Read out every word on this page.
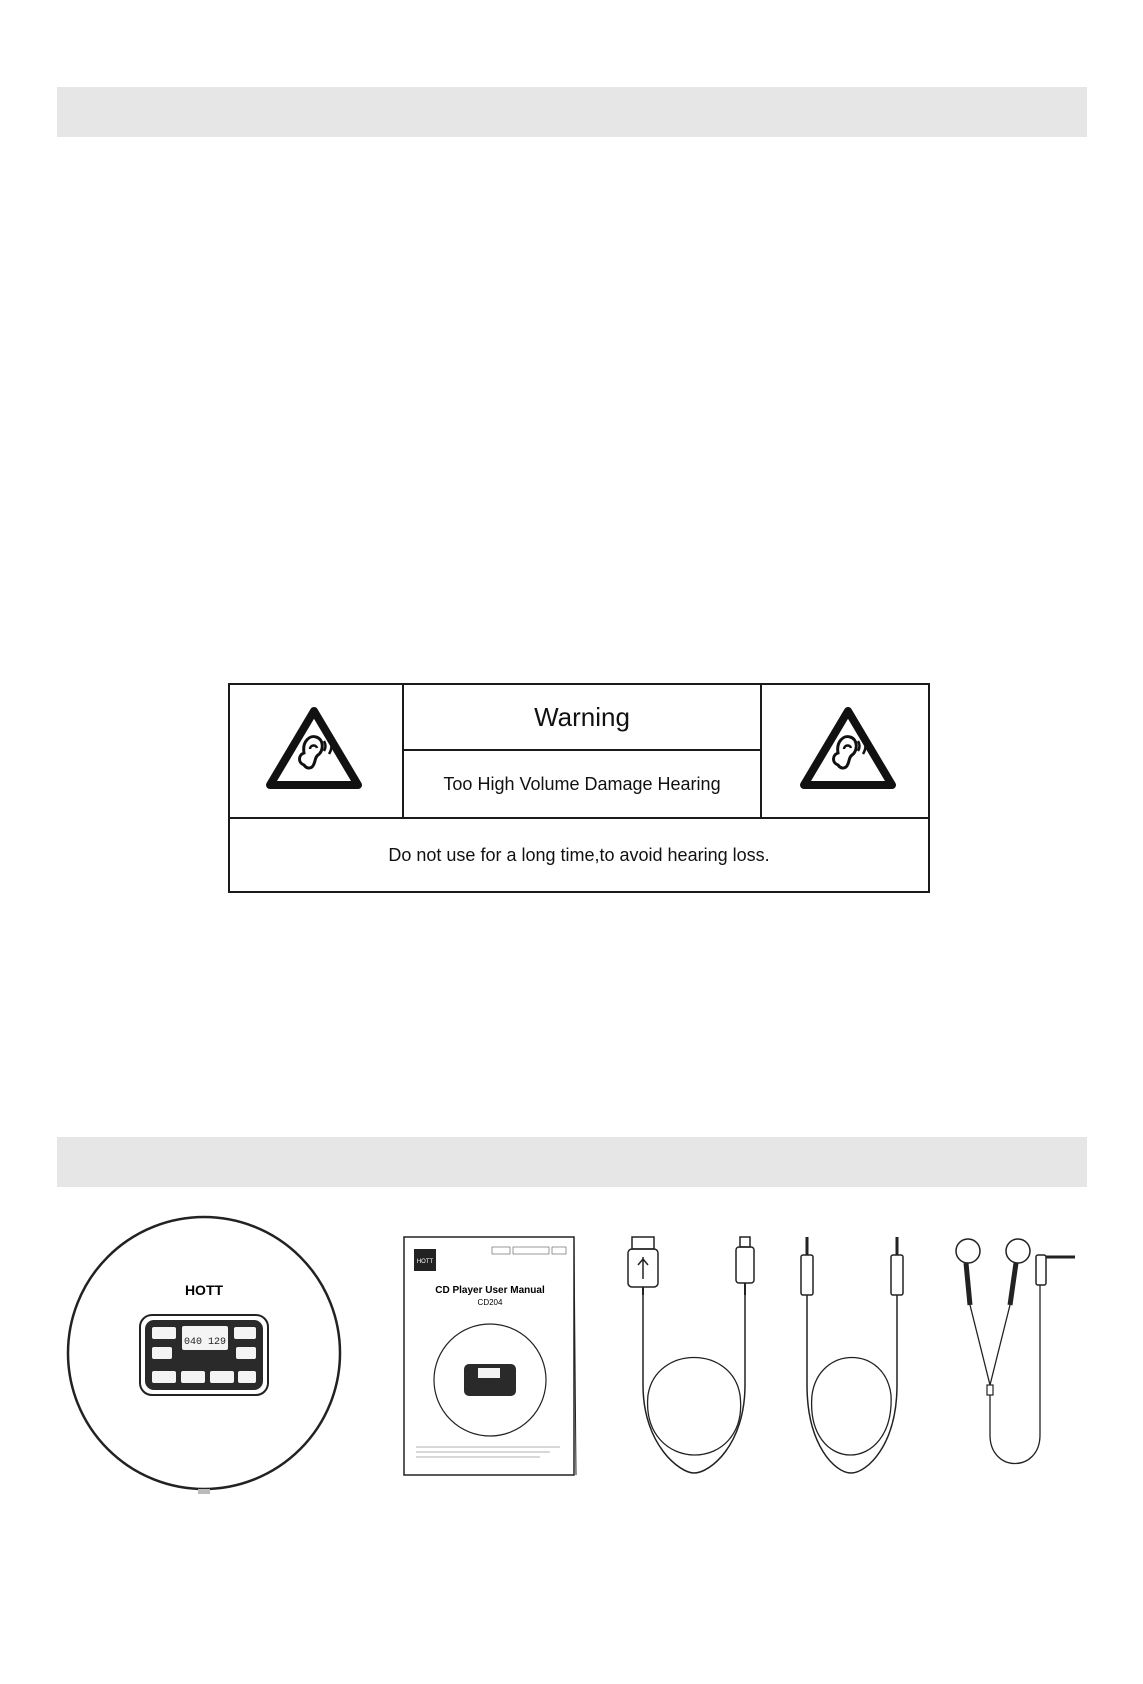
Warning
Too High Volume Damage Hearing
Do not use for a long time,to avoid hearing loss.
HOTT
040 129
HOTT
CD Player User Manual
CD204
